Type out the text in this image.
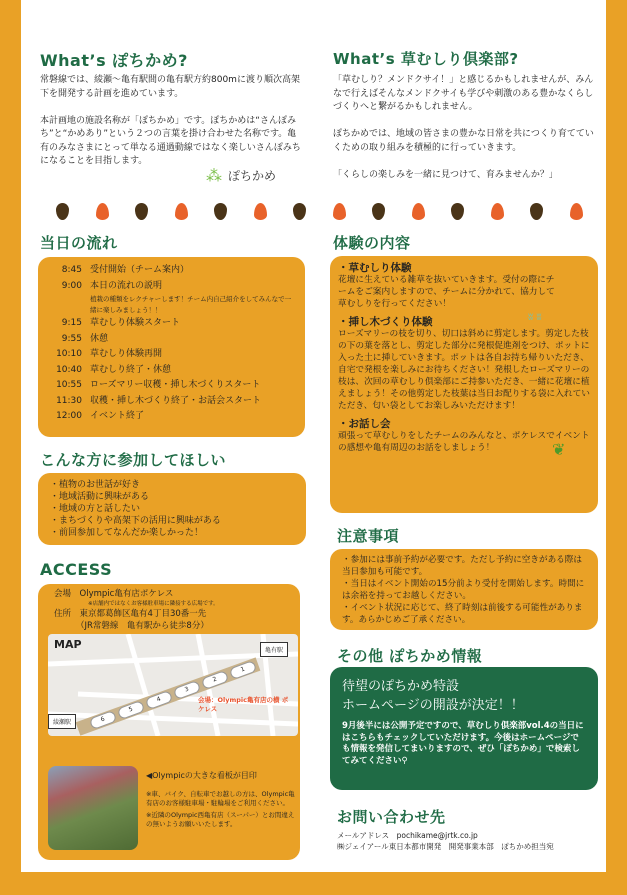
What’s ぽちかめ?

常磐線では、綾瀬～亀有駅間の亀有駅方約800mに渡り順次高架下を開発する計画を進めています。

本計画地の施設名称が「ぽちかめ」です。ぽちかめは“さんぽみち”と“かめあり”という２つの言葉を掛け合わせた名称です。亀有のみなさまにとって単なる通過動線ではなく楽しいさんぽみちになることを目指します。

⁂ ぽちかめ
What’s 草むしり倶楽部?

「草むしり？メンドクサイ！」と感じるかもしれませんが、みんなで行えばそんなメンドクサイも学びや刺激のある豊かなくらしづくりへと繋がるかもしれません。

ぽちかめでは、地域の皆さまの豊かな日常を共につくり育てていくための取り組みを積極的に行っていきます。

「くらしの楽しみを一緒に見つけて、育みませんか？」

当日の流れ
8:45 受付開始（チーム案内）
9:00 本日の流れの説明
植栽の種類をレクチャーします！チーム内自己紹介をしてみんなで一緒に楽しみましょう！！
9:15 草むしり体験スタート
9:55 休憩
10:10 草むしり体験再開
10:40 草むしり終了・休憩
10:55 ローズマリー収穫・挿し木づくりスタート
11:30 収穫・挿し木づくり終了・お話会スタート
12:00 イベント終了
こんな方に参加してほしい
・植物のお世話が好き
・地域活動に興味がある
・地域の方と話したい
・まちづくりや高架下の活用に興味がある
・前回参加してなんだか楽しかった！
ACCESS
会場　 Olympic亀有店ポケレス
※店舗内ではなくお客様駐車場に隣接する広場です。
住所　 東京都葛飾区亀有4丁目30番一先
（JR常磐線　亀有駅から徒歩8分）
MAP
6
5
4
3
2
1
綾瀬駅
亀有駅
会場：Olympic亀有店の横 ポケレス
◀Olympicの大きな看板が目印
※車、バイク、自転車でお越しの方は、Olympic亀有店のお客様駐車場・駐輪場をご利用ください。
※近隣のOlympic西亀有店（スーパー）とお間違えの無いようお願いいたします。
体験の内容
・草むしり体験
花壇に生えている雑草を抜いていきます。受付の際にチームをご案内しますので、チームに分かれて、協力して草むしりを行ってください！
・挿し木づくり体験
ローズマリーの枝を切り、切口は斜めに剪定します。剪定した枝の下の葉を落とし、剪定した部分に発根促進剤をつけ、ポットに入った土に挿していきます。ポットは各自お持ち帰りいただき、自宅で発根を楽しみにお待ちください！発根したローズマリーの枝は、次回の草むしり倶楽部にご持参いただき、一緒に花壇に植えましょう！その他剪定した枝葉は当日お配りする袋に入れていただき、匂い袋としてお楽しみいただけます！
・お話し会
頑張って草むしりをしたチームのみんなと、ポケレスでイベントの感想や亀有周辺のお話をしましょう！
ʬ ʬ
❦
注意事項
・参加には事前予約が必要です。ただし予約に空きがある際は当日参加も可能です。
・当日はイベント開始の15分前より受付を開始します。時間には余裕を持ってお越しください。
・イベント状況に応じて、終了時刻は前後する可能性があります。あらかじめご了承ください。
その他 ぽちかめ情報
待望のぽちかめ特設
ホームページの開設が決定！！
9月後半には公開予定ですので、草むしり倶楽部vol.4の当日にはこちらもチェックしていただけます。今後はホームページでも情報を発信してまいりますので、ぜひ「ぽちかめ」で検索してみてください⚲
お問い合わせ先
メールアドレス　 pochikame@jrtk.co.jp
㈱ジェイアール東日本都市開発　開発事業本部　ぽちかめ担当宛
